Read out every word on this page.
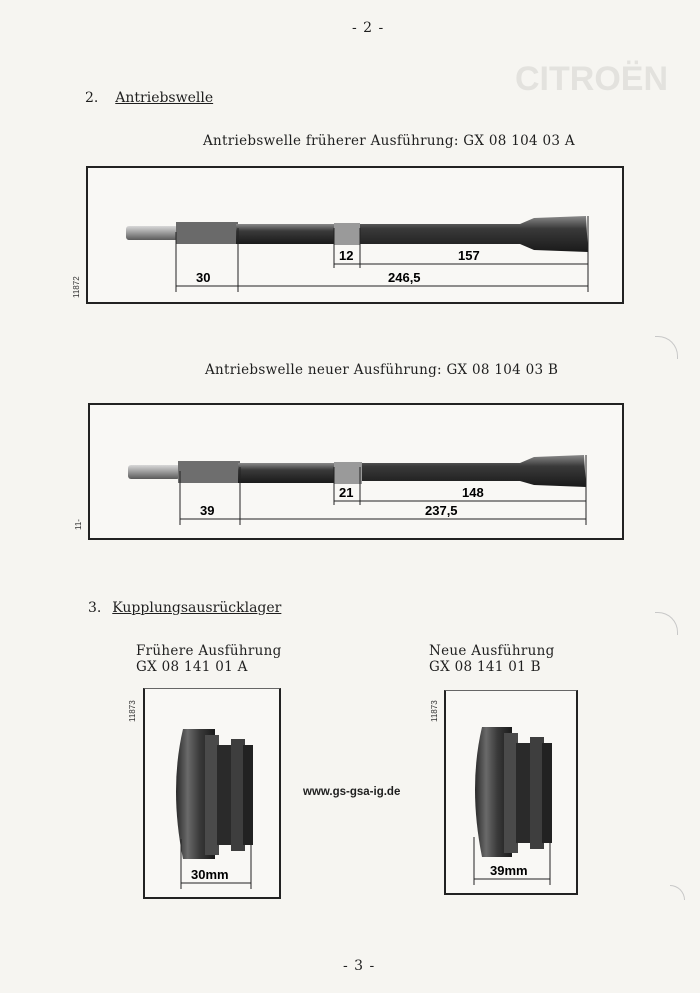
CITROËN
- 2 -
- 3 -
2. Antriebswelle
Antriebswelle früherer Ausführung: GX 08 104 03 A
30
12	157
246,5
11872
Antriebswelle neuer Ausführung: GX 08 104 03 B
39
21	148
237,5
11-
3. Kupplungsausrücklager
Frühere Ausführung
GX 08 141 01 A
Neue Ausführung
GX 08 141 01 B
30mm
11873
39mm
11873
www.gs-gsa-ig.de
